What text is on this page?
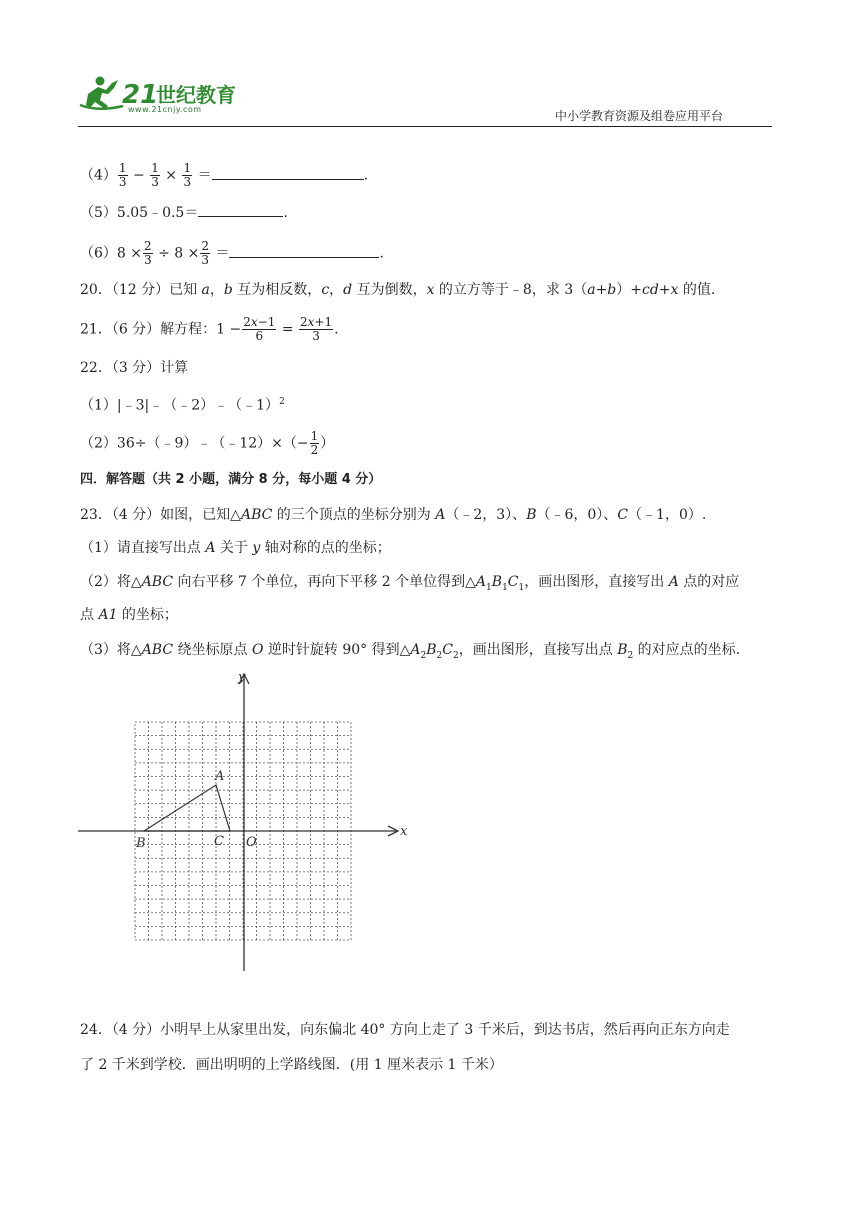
21
世纪教育
www.21cnjy.com	中小学教育资源及组卷应用平台
$(4) \frac{1}{3} - \frac{1}{3} \times \frac{1}{3}$ ＝	.
（5）5.05﹣0.5＝	.
$(6)8 \times \frac{2}{3} \div 8 \times \frac{2}{3}$ ＝	.
20．（12 分）已知 a，b 互为相反数，c，d 互为倒数，x 的立方等于﹣8，求 3（a+b）+cd+x 的值.
21．（6 分）解方程：$1 - \frac{\text{2𝑥−1}}{6} = \frac{\text{2𝑥+1}}{3}$ .
22．（3 分）计算
（1）|﹣3|﹣（﹣2）﹣（﹣1）$^2$
（2）36÷（﹣9）﹣（﹣12）×（− $\frac{1}{2}$ ）
四．解答题（共 2 小题，满分 8 分，每小题 4 分）
23．（4 分）如图，已知△ABC 的三个顶点的坐标分别为 A（﹣2，3）、B（﹣6，0）、C（﹣1，0）.
（1）请直接写出点 A 关于 y 轴对称的点的坐标；
（2）将△ABC 向右平移 7 个单位，再向下平移 2 个单位得到$\triangle A_1B_1C_1$，画出图形，直接写出 A 点的对应
点 A1 的坐标；
（3）将△ABC 绕坐标原点 O 逆时针旋转 90° 得到$\triangle A_2B_2C_2$，画出图形，直接写出点 $B_2$ 的对应点的坐标.
x
y
A
B	C O
24．（4 分）小明早上从家里出发，向东偏北 40° 方向上走了 3 千米后，到达书店，然后再向正东方向走
了 2 千米到学校．画出明明的上学路线图．(用 1 厘米表示 1 千米）
